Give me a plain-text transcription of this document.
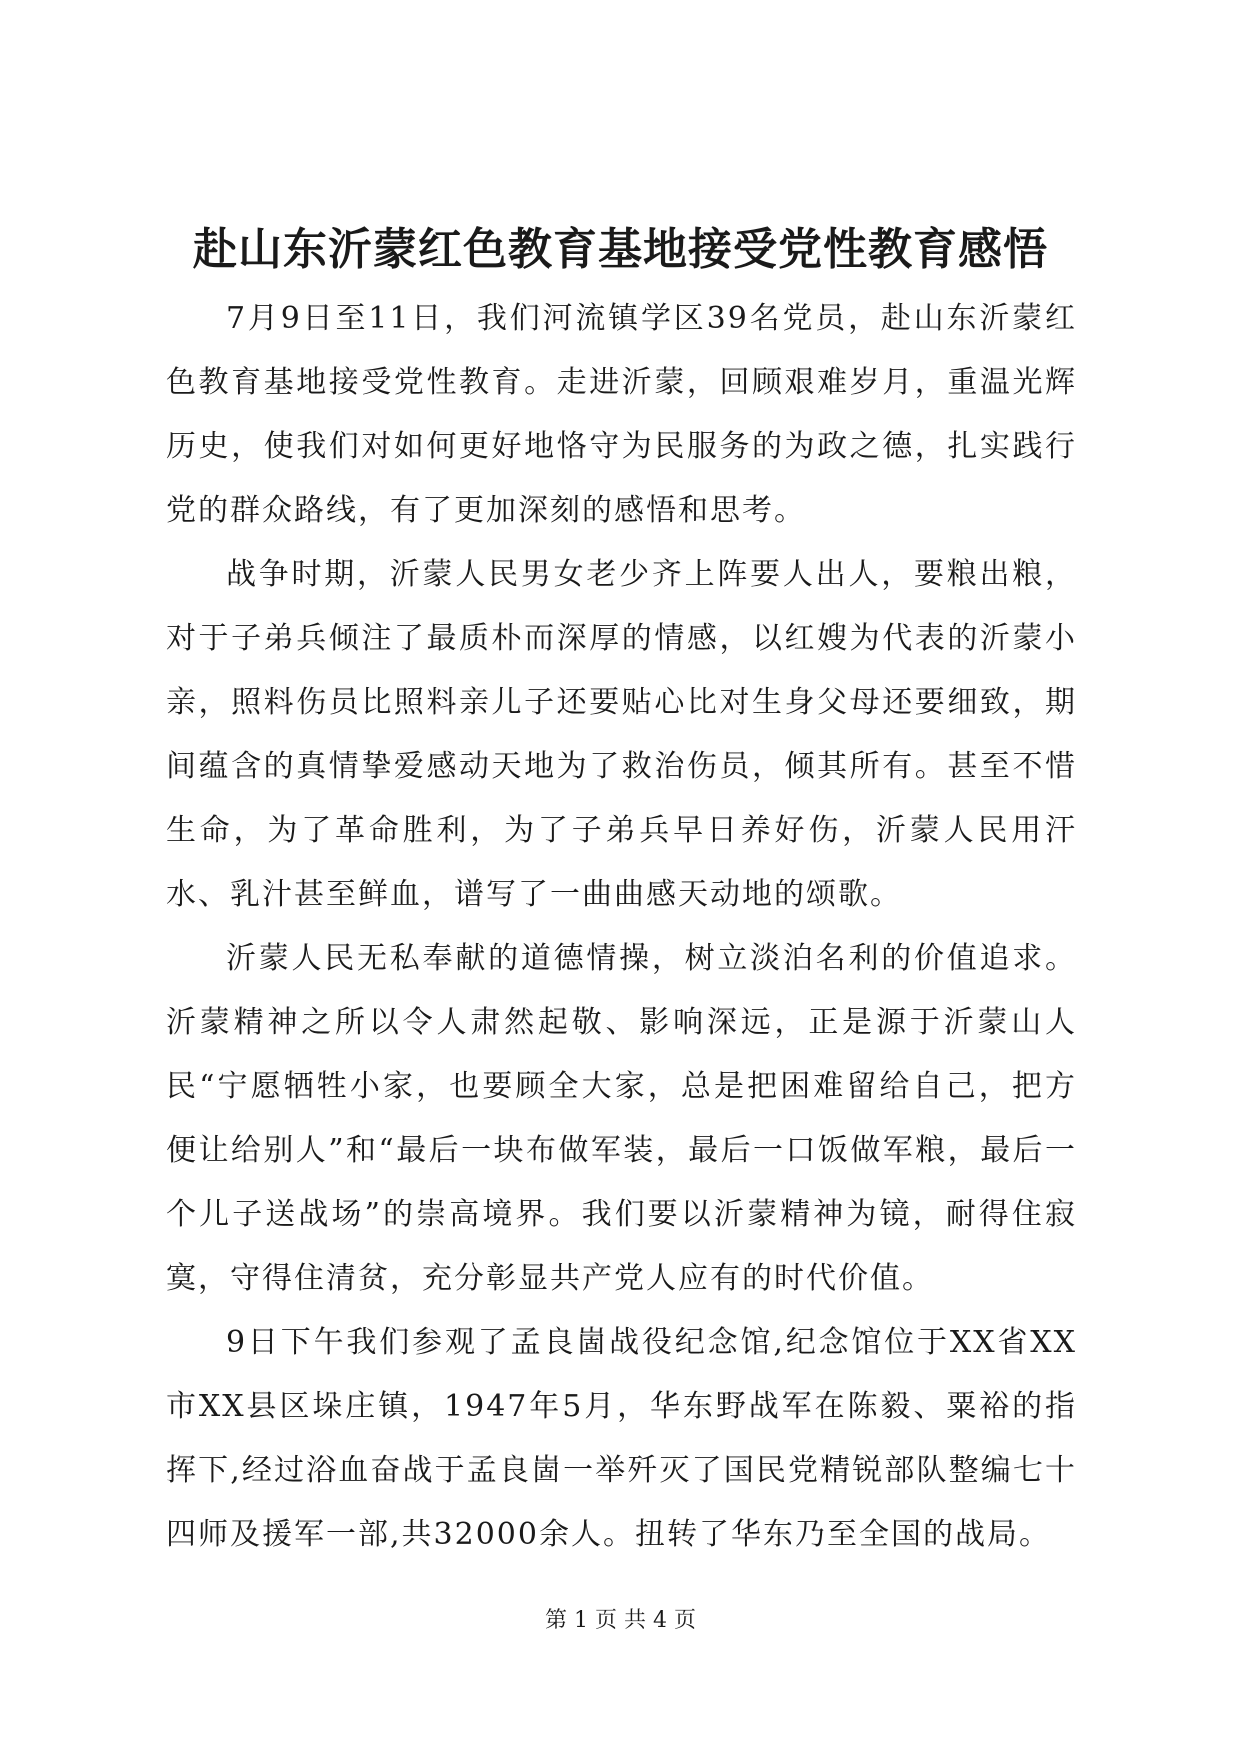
赴山东沂蒙红色教育基地接受党性教育感悟

7月9日至11日，我们河流镇学区39名党员，赴山东沂蒙红色教育基地接受党性教育。走进沂蒙，回顾艰难岁月，重温光辉历史，使我们对如何更好地恪守为民服务的为政之德，扎实践行党的群众路线，有了更加深刻的感悟和思考。

战争时期，沂蒙人民男女老少齐上阵要人出人，要粮出粮，对于子弟兵倾注了最质朴而深厚的情感，以红嫂为代表的沂蒙小亲，照料伤员比照料亲儿子还要贴心比对生身父母还要细致，期间蕴含的真情挚爱感动天地为了救治伤员，倾其所有。甚至不惜生命，为了革命胜利，为了子弟兵早日养好伤，沂蒙人民用汗水、乳汁甚至鲜血，谱写了一曲曲感天动地的颂歌。

沂蒙人民无私奉献的道德情操，树立淡泊名利的价值追求。沂蒙精神之所以令人肃然起敬、影响深远，正是源于沂蒙山人民“宁愿牺牲小家，也要顾全大家，总是把困难留给自己，把方便让给别人”和“最后一块布做军装，最后一口饭做军粮，最后一个儿子送战场”的崇高境界。我们要以沂蒙精神为镜，耐得住寂寞，守得住清贫，充分彰显共产党人应有的时代价值。

9日下午我们参观了孟良崮战役纪念馆,纪念馆位于XX省XX市XX县区垛庄镇，1947年5月，华东野战军在陈毅、粟裕的指挥下,经过浴血奋战于孟良崮一举歼灭了国民党精锐部队整编七十四师及援军一部,共32000余人。扭转了华东乃至全国的战局。

第 1 页 共 4 页
